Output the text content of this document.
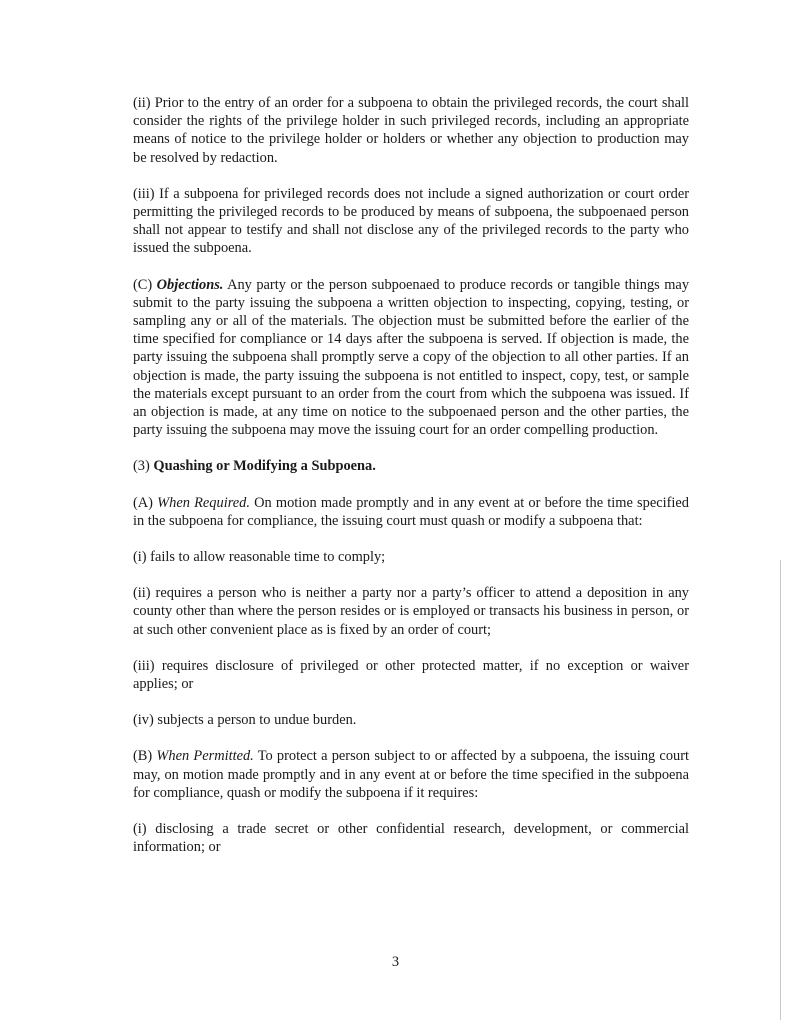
(ii) Prior to the entry of an order for a subpoena to obtain the privileged records, the court shall consider the rights of the privilege holder in such privileged records, including an appropriate means of notice to the privilege holder or holders or whether any objection to production may be resolved by redaction.

(iii) If a subpoena for privileged records does not include a signed authorization or court order permitting the privileged records to be produced by means of subpoena, the subpoenaed person shall not appear to testify and shall not disclose any of the privileged records to the party who issued the subpoena.

(C) Objections. Any party or the person subpoenaed to produce records or tangible things may submit to the party issuing the subpoena a written objection to inspecting, copying, testing, or sampling any or all of the materials. The objection must be submitted before the earlier of the time specified for compliance or 14 days after the subpoena is served. If objection is made, the party issuing the subpoena shall promptly serve a copy of the objection to all other parties. If an objection is made, the party issuing the subpoena is not entitled to inspect, copy, test, or sample the materials except pursuant to an order from the court from which the subpoena was issued. If an objection is made, at any time on notice to the subpoenaed person and the other parties, the party issuing the subpoena may move the issuing court for an order compelling production.

(3) Quashing or Modifying a Subpoena.

(A) When Required. On motion made promptly and in any event at or before the time specified in the subpoena for compliance, the issuing court must quash or modify a subpoena that:

(i) fails to allow reasonable time to comply;

(ii) requires a person who is neither a party nor a party’s officer to attend a deposition in any county other than where the person resides or is employed or transacts his business in person, or at such other convenient place as is fixed by an order of court;

(iii) requires disclosure of privileged or other protected matter, if no exception or waiver applies; or

(iv) subjects a person to undue burden.

(B) When Permitted. To protect a person subject to or affected by a subpoena, the issuing court may, on motion made promptly and in any event at or before the time specified in the subpoena for compliance, quash or modify the subpoena if it requires:

(i) disclosing a trade secret or other confidential research, development, or commercial information; or

3
